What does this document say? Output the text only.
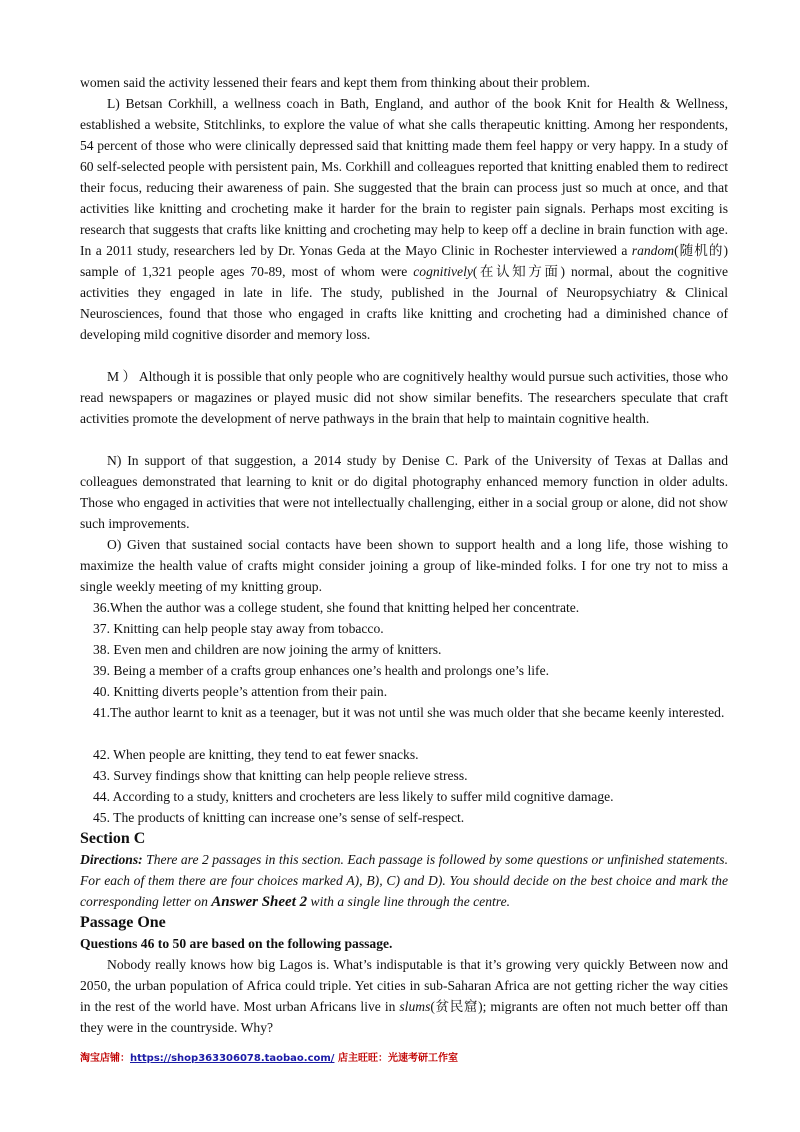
women said the activity lessened their fears and kept them from thinking about their problem.

L) Betsan Corkhill, a wellness coach in Bath, England, and author of the book Knit for Health & Wellness, established a website, Stitchlinks, to explore the value of what she calls therapeutic knitting. Among her respondents, 54 percent of those who were clinically depressed said that knitting made them feel happy or very happy. In a study of 60 self-selected people with persistent pain, Ms. Corkhill and colleagues reported that knitting enabled them to redirect their focus, reducing their awareness of pain. She suggested that the brain can process just so much at once, and that activities like knitting and crocheting make it harder for the brain to register pain signals. Perhaps most exciting is research that suggests that crafts like knitting and crocheting may help to keep off a decline in brain function with age. In a 2011 study, researchers led by Dr. Yonas Geda at the Mayo Clinic in Rochester interviewed a random(随机的) sample of 1,321 people ages 70-89, most of whom were cognitively(在认知方面) normal, about the cognitive activities they engaged in late in life. The study, published in the Journal of Neuropsychiatry & Clinical Neurosciences, found that those who engaged in crafts like knitting and crocheting had a diminished chance of developing mild cognitive disorder and memory loss.

M ） Although it is possible that only people who are cognitively healthy would pursue such activities, those who read newspapers or magazines or played music did not show similar benefits. The researchers speculate that craft activities promote the development of nerve pathways in the brain that help to maintain cognitive health.

N) In support of that suggestion, a 2014 study by Denise C. Park of the University of Texas at Dallas and colleagues demonstrated that learning to knit or do digital photography enhanced memory function in older adults. Those who engaged in activities that were not intellectually challenging, either in a social group or alone, did not show such improvements.

O) Given that sustained social contacts have been shown to support health and a long life, those wishing to maximize the health value of crafts might consider joining a group of like-minded folks. I for one try not to miss a single weekly meeting of my knitting group.

36.When the author was a college student, she found that knitting helped her concentrate.

37. Knitting can help people stay away from tobacco.

38. Even men and children are now joining the army of knitters.

39. Being a member of a crafts group enhances one’s health and prolongs one’s life.

40. Knitting diverts people’s attention from their pain.

41.The author learnt to knit as a teenager, but it was not until she was much older that she became keenly interested.

42. When people are knitting, they tend to eat fewer snacks.

43. Survey findings show that knitting can help people relieve stress.

44. According to a study, knitters and crocheters are less likely to suffer mild cognitive damage.

45. The products of knitting can increase one’s sense of self-respect.

Section C

Directions: There are 2 passages in this section. Each passage is followed by some questions or unfinished statements. For each of them there are four choices marked A), B), C) and D). You should decide on the best choice and mark the corresponding letter on Answer Sheet 2 with a single line through the centre.

Passage One

Questions 46 to 50 are based on the following passage.

Nobody really knows how big Lagos is. What’s indisputable is that it’s growing very quickly Between now and 2050, the urban population of Africa could triple. Yet cities in sub-Saharan Africa are not getting richer the way cities in the rest of the world have. Most urban Africans live in slums(贫民窟); migrants are often not much better off than they were in the countryside. Why?

淘宝店铺：https://shop363306078.taobao.com/ 店主旺旺：光速考研工作室
